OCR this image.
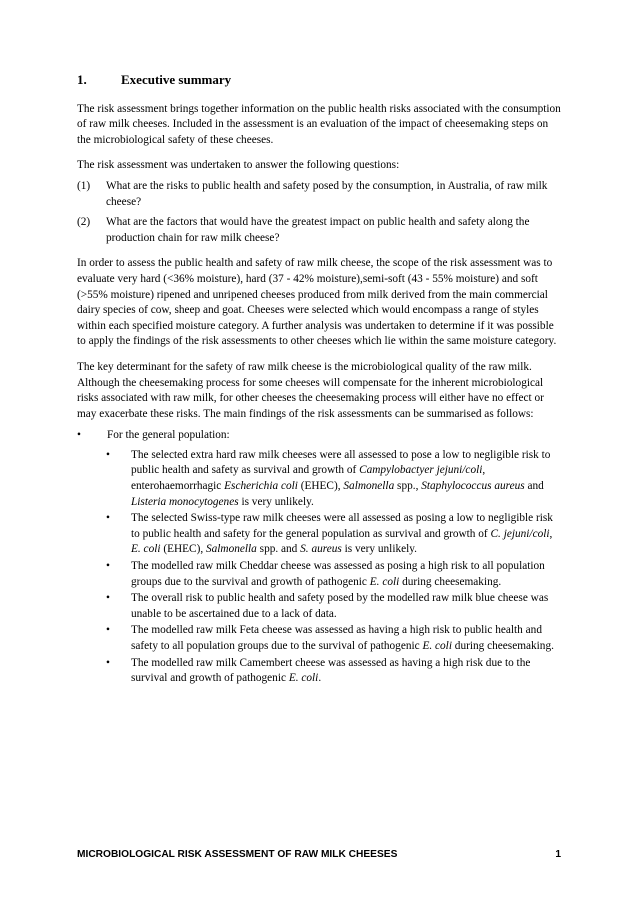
1.	Executive summary

The risk assessment brings together information on the public health risks associated with the consumption of raw milk cheeses. Included in the assessment is an evaluation of the impact of cheesemaking steps on the microbiological safety of these cheeses.

The risk assessment was undertaken to answer the following questions:

(1)	What are the risks to public health and safety posed by the consumption, in Australia, of raw milk cheese?
(2)	What are the factors that would have the greatest impact on public health and safety along the production chain for raw milk cheese?

In order to assess the public health and safety of raw milk cheese, the scope of the risk assessment was to evaluate very hard (<36% moisture), hard (37 - 42% moisture),semi-soft (43 - 55% moisture) and soft (>55% moisture) ripened and unripened cheeses produced from milk derived from the main commercial dairy species of cow, sheep and goat. Cheeses were selected which would encompass a range of styles within each specified moisture category. A further analysis was undertaken to determine if it was possible to apply the findings of the risk assessments to other cheeses which lie within the same moisture category.

The key determinant for the safety of raw milk cheese is the microbiological quality of the raw milk. Although the cheesemaking process for some cheeses will compensate for the inherent microbiological risks associated with raw milk, for other cheeses the cheesemaking process will either have no effect or may exacerbate these risks. The main findings of the risk assessments can be summarised as follows:

•	For the general population:
•	The selected extra hard raw milk cheeses were all assessed to pose a low to negligible risk to public health and safety as survival and growth of Campylobactyer jejuni/coli, enterohaemorrhagic Escherichia coli (EHEC), Salmonella spp., Staphylococcus aureus and Listeria monocytogenes is very unlikely.
•	The selected Swiss-type raw milk cheeses were all assessed as posing a low to negligible risk to public health and safety for the general population as survival and growth of C. jejuni/coli, E. coli (EHEC), Salmonella spp. and S. aureus is very unlikely.
•	The modelled raw milk Cheddar cheese was assessed as posing a high risk to all population groups due to the survival and growth of pathogenic E. coli during cheesemaking.
•	The overall risk to public health and safety posed by the modelled raw milk blue cheese was unable to be ascertained due to a lack of data.
•	The modelled raw milk Feta cheese was assessed as having a high risk to public health and safety to all population groups due to the survival of pathogenic E. coli during cheesemaking.
•	The modelled raw milk Camembert cheese was assessed as having a high risk due to the survival and growth of pathogenic E. coli.
MICROBIOLOGICAL RISK ASSESSMENT OF RAW MILK CHEESES	1
